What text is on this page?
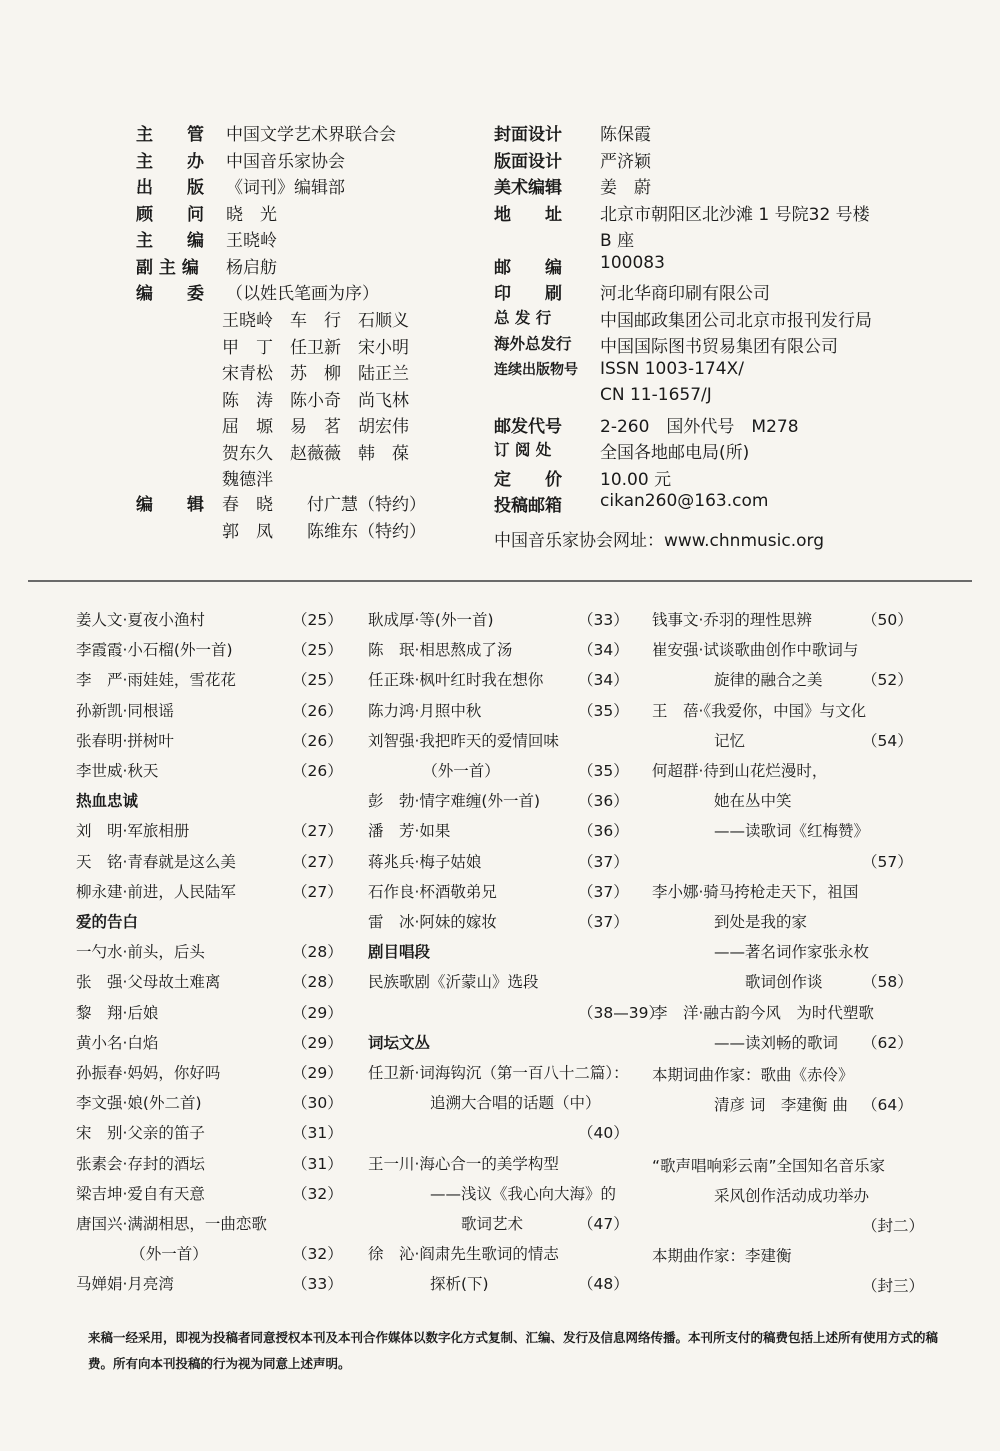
主　　管 中国文学艺术界联合会
主　　办 中国音乐家协会
出　　版 《词刊》编辑部
顾　　问 晓　光
主　　编 王晓岭
副 主 编 杨启舫
编　　委 （以姓氏笔画为序）
王晓岭　车　行　石顺义
甲　丁　任卫新　宋小明
宋青松　苏　柳　陆正兰
陈　涛　陈小奇　尚飞林
屈　塬　易　茗　胡宏伟
贺东久　赵薇薇　韩　葆
魏德泮
编　　辑 春　晓　　付广慧（特约）
郭　凤　　陈维东（特约）
封面设计 陈保霞
版面设计 严济颖
美术编辑 姜　蔚
地　　址 北京市朝阳区北沙滩 1 号院32 号楼
B 座
邮　　编 100083
印　　刷 河北华商印刷有限公司
总 发 行	中国邮政集团公司北京市报刊发行局
海外总发行 中国国际图书贸易集团有限公司
连续出版物号 ISSN 1003-174X/
CN 11-1657/J
邮发代号 2-260　国外代号　M278
订 阅 处	全国各地邮电局(所)
定　　价 10.00 元
投稿邮箱 cikan260@163.com
中国音乐家协会网址：www.chnmusic.org
姜人文·夏夜小渔村	（25）
李霞霞·小石榴(外一首)	（25）
李　严·雨娃娃，雪花花	（25）
孙新凯·同根谣	（26）
张春明·拼树叶	（26）
李世威·秋天	（26）
热血忠诚
刘　明·军旅相册	（27）
天　铭·青春就是这么美	（27）
柳永建·前进，人民陆军	（27）
爱的告白
一勺水·前头，后头	（28）
张　强·父母故土难离	（28）
黎　翔·后娘	（29）
黄小名·白焰	（29）
孙振春·妈妈，你好吗	（29）
李文强·娘(外二首)	（30）
宋　别·父亲的笛子	（31）
张素会·存封的酒坛	（31）
梁吉坤·爱自有天意	（32）
唐国兴·满湖相思，一曲恋歌
　　　　（外一首）	（32）
马婵娟·月亮湾	（33）
耿成厚·等(外一首)	（33）
陈　珉·相思熬成了汤	（34）
任正珠·枫叶红时我在想你 （34）
陈力鸿·月照中秋	（35）
刘智强·我把昨天的爱情回味
　　　　（外一首）	（35）
彭　勃·情字难缠(外一首) （36）
潘　芳·如果	（36）
蒋兆兵·梅子姑娘	（37）
石作良·杯酒敬弟兄	（37）
雷　冰·阿妹的嫁妆	（37）
剧目唱段
民族歌剧《沂蒙山》选段
（38—39）
词坛文丛
任卫新·词海钩沉（第一百八十二篇）：
　　　　追溯大合唱的话题（中）
（40）
王一川·海心合一的美学构型
　　　　——浅议《我心向大海》的
　　　　　　歌词艺术	（47）
徐　沁·阎肃先生歌词的情志
　　　　探析(下)	（48）
钱事文·乔羽的理性思辨	（50）
崔安强·试谈歌曲创作中歌词与
　　　　旋律的融合之美	（52）
王　蓓·《我爱你，中国》与文化
　　　　记忆	（54）
何超群·待到山花烂漫时，
　　　　她在丛中笑
　　　　——读歌词《红梅赞》
（57）
李小娜·骑马挎枪走天下，祖国
　　　　到处是我的家
　　　　——著名词作家张永枚
　　　　　　歌词创作谈	（58）
李　洋·融古韵今风　为时代塑歌
　　　　——读刘畅的歌词 （62）
本期词曲作家：歌曲《赤伶》
　　　　清彦 词　李建衡 曲 （64）
“歌声唱响彩云南”全国知名音乐家
　　　　采风创作活动成功举办
（封二）
本期曲作家：李建衡
（封三）
来稿一经采用，即视为投稿者同意授权本刊及本刊合作媒体以数字化方式复制、汇编、发行及信息网络传播。本刊所支付的稿费包括上述所有使用方式的稿费。所有向本刊投稿的行为视为同意上述声明。
